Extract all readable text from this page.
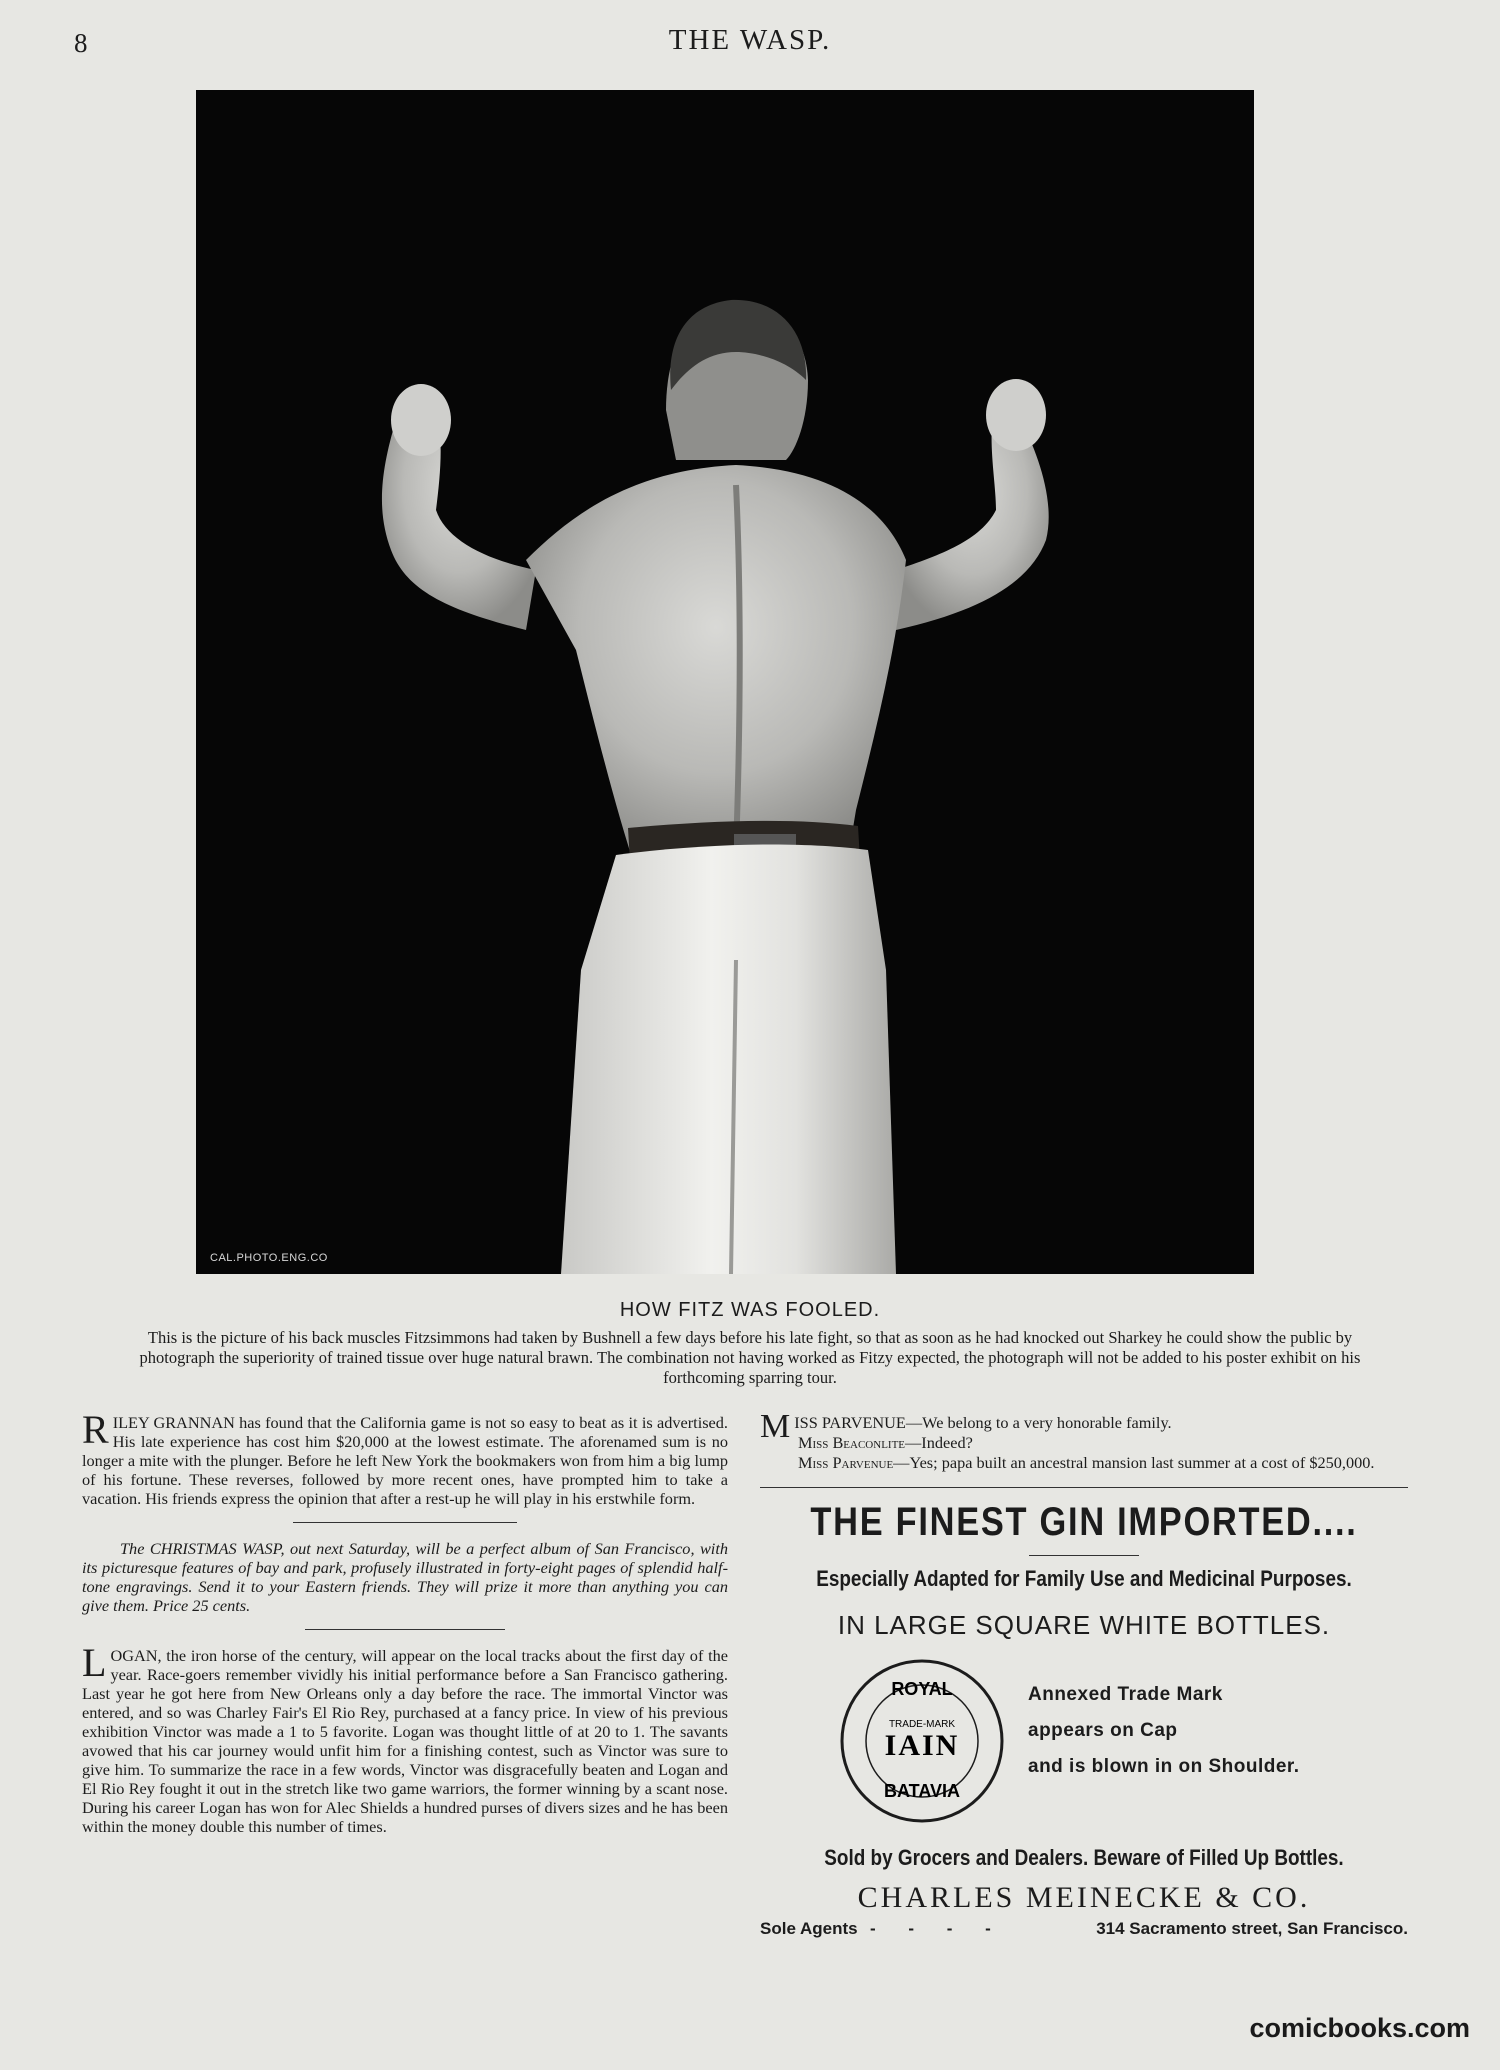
8	THE WASP.
CAL.PHOTO.ENG.CO
HOW FITZ WAS FOOLED.
This is the picture of his back muscles Fitzsimmons had taken by Bushnell a few days before his late fight, so that as soon as he had knocked out Sharkey he could show the public by photograph the superiority of trained tissue over huge natural brawn. The combination not having worked as Fitzy expected, the photograph will not be added to his poster exhibit on his forthcoming sparring tour.

RILEY GRANNAN has found that the California game is not so easy to beat as it is advertised. His late experience has cost him $20,000 at the lowest estimate. The aforenamed sum is no longer a mite with the plunger. Before he left New York the bookmakers won from him a big lump of his fortune. These reverses, followed by more recent ones, have prompted him to take a vacation. His friends express the opinion that after a rest-up he will play in his erstwhile form.

The CHRISTMAS WASP, out next Saturday, will be a perfect album of San Francisco, with its picturesque features of bay and park, profusely illustrated in forty-eight pages of splendid half-tone engravings. Send it to your Eastern friends. They will prize it more than anything you can give them. Price 25 cents.

LOGAN, the iron horse of the century, will appear on the local tracks about the first day of the year. Race-goers remember vividly his initial performance before a San Francisco gathering. Last year he got here from New Orleans only a day before the race. The immortal Vinctor was entered, and so was Charley Fair's El Rio Rey, purchased at a fancy price. In view of his previous exhibition Vinctor was made a 1 to 5 favorite. Logan was thought little of at 20 to 1. The savants avowed that his car journey would unfit him for a finishing contest, such as Vinctor was sure to give him. To summarize the race in a few words, Vinctor was disgracefully beaten and Logan and El Rio Rey fought it out in the stretch like two game warriors, the former winning by a scant nose. During his career Logan has won for Alec Shields a hundred purses of divers sizes and he has been within the money double this number of times.

MISS PARVENUE—We belong to a very honorable family.
Miss Beaconlite—Indeed?
Miss Parvenue—Yes; papa built an ancestral mansion last summer at a cost of $250,000.
THE FINEST GIN IMPORTED....
Especially Adapted for Family Use and Medicinal Purposes.
IN LARGE SQUARE WHITE BOTTLES.
ROYAL
TRADE-MARK
IAIN
BATAVIA
Annexed Trade Mark
appears on Cap
and is blown in on Shoulder.
Sold by Grocers and Dealers. Beware of Filled Up Bottles.
CHARLES MEINECKE & CO.
Sole Agents - - - -	314 Sacramento street, San Francisco.
comicbooks.com
